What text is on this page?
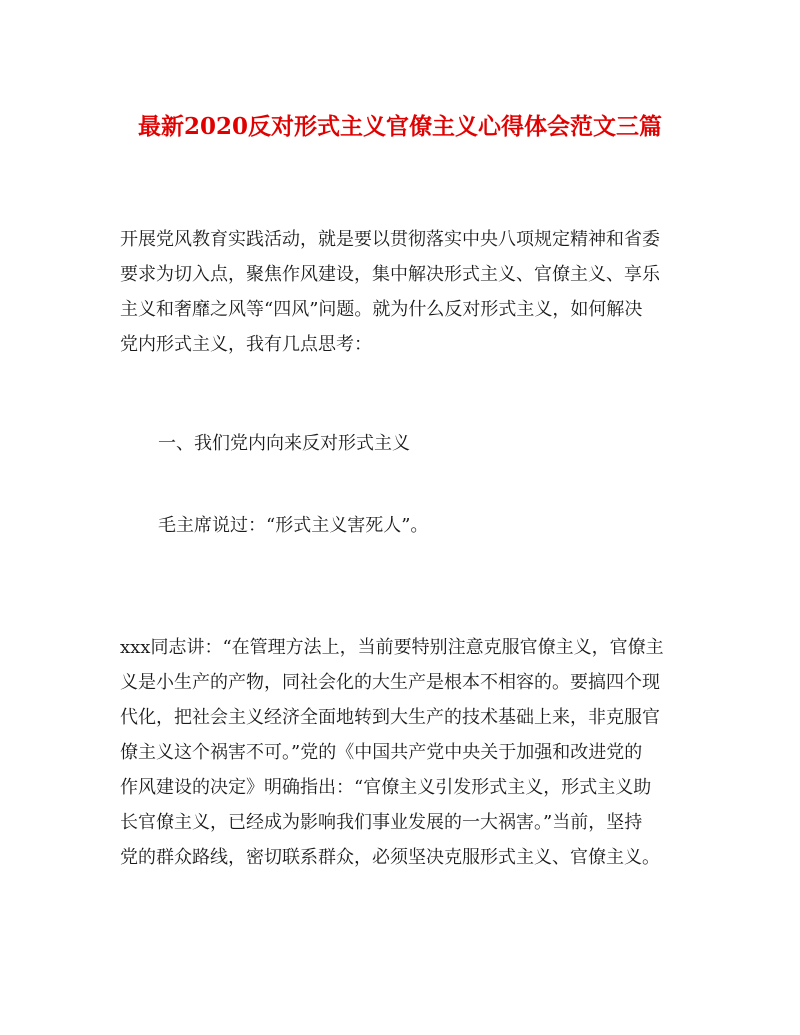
最新2020反对形式主义官僚主义心得体会范文三篇

开展党风教育实践活动，就是要以贯彻落实中央八项规定精神和省委
要求为切入点，聚焦作风建设，集中解决形式主义、官僚主义、享乐
主义和奢靡之风等“四风”问题。就为什么反对形式主义，如何解决
党内形式主义，我有几点思考：

一、我们党内向来反对形式主义

毛主席说过：“形式主义害死人”。

xxx同志讲：“在管理方法上，当前要特别注意克服官僚主义，官僚主
义是小生产的产物，同社会化的大生产是根本不相容的。要搞四个现
代化，把社会主义经济全面地转到大生产的技术基础上来，非克服官
僚主义这个祸害不可。”党的《中国共产党中央关于加强和改进党的
作风建设的决定》明确指出：“官僚主义引发形式主义，形式主义助
长官僚主义，已经成为影响我们事业发展的一大祸害。”当前，坚持
党的群众路线，密切联系群众，必须坚决克服形式主义、官僚主义。
